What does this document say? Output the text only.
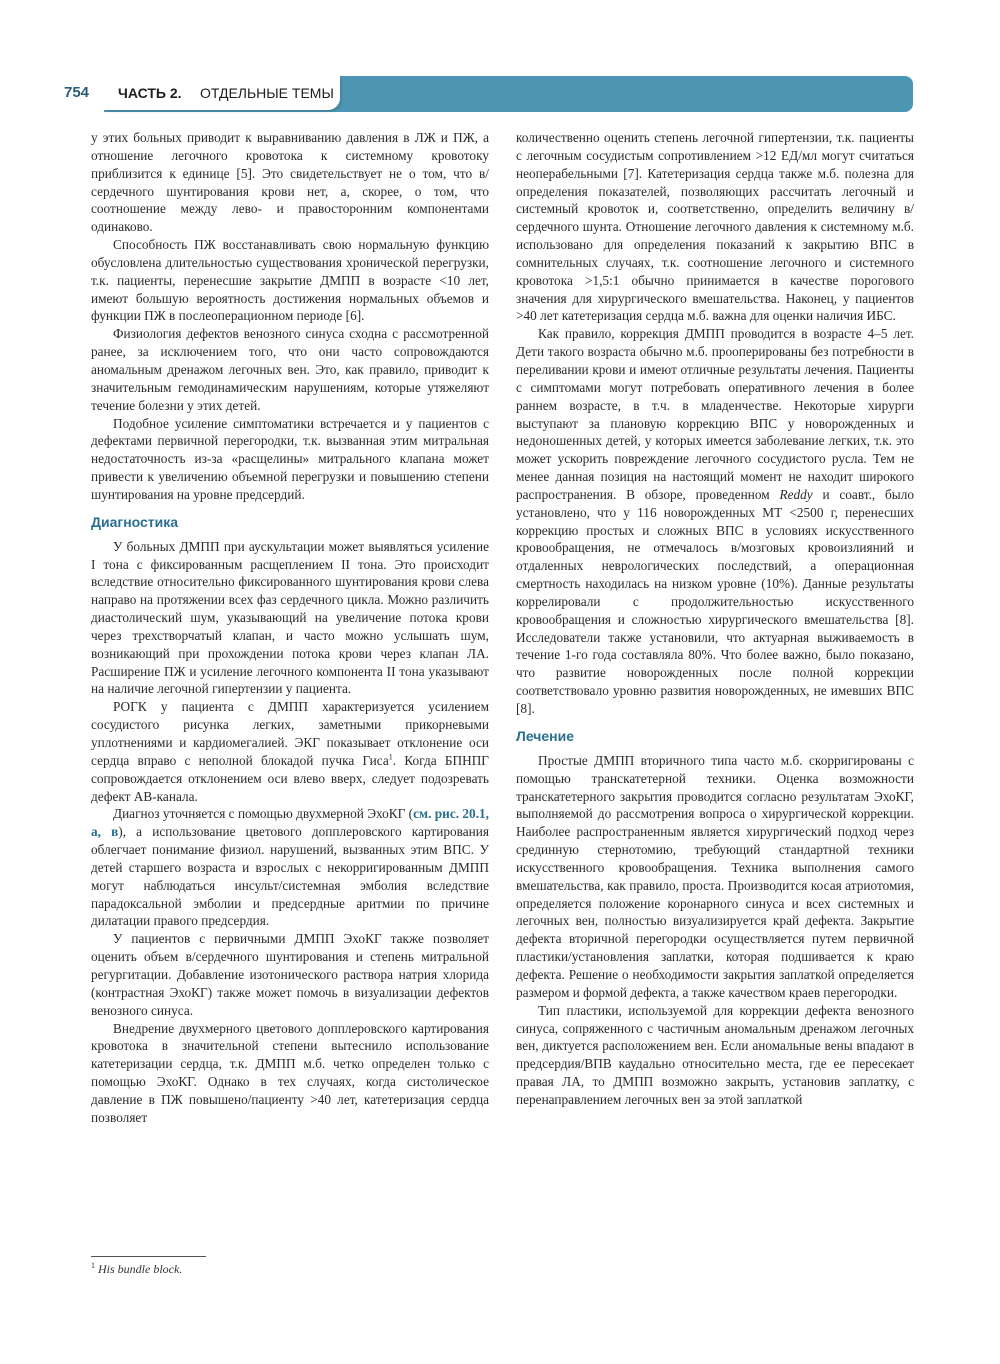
754 ЧАСТЬ 2. ОТДЕЛЬНЫЕ ТЕМЫ

у этих больных приводит к выравниванию давления в ЛЖ и ПЖ, а отношение легочного кровотока к системному кровотоку приблизится к единице [5]. Это свидетельствует не о том, что в/сердечного шунтирования крови нет, а, скорее, о том, что соотношение между лево- и правосторонним компонентами одинаково.

Способность ПЖ восстанавливать свою нормальную функцию обусловлена длительностью существования хронической перегрузки, т.к. пациенты, перенесшие закрытие ДМПП в возрасте <10 лет, имеют большую вероятность достижения нормальных объемов и функции ПЖ в послеоперационном периоде [6].

Физиология дефектов венозного синуса сходна с рассмотренной ранее, за исключением того, что они часто сопровождаются аномальным дренажом легочных вен. Это, как правило, приводит к значительным гемодинамическим нарушениям, которые утяжеляют течение болезни у этих детей.

Подобное усиление симптоматики встречается и у пациентов с дефектами первичной перегородки, т.к. вызванная этим митральная недостаточность из-за «расщелины» митрального клапана может привести к увеличению объемной перегрузки и повышению степени шунтирования на уровне предсердий.

Диагностика

У больных ДМПП при аускультации может выявляться усиление I тона с фиксированным расщеплением II тона. Это происходит вследствие относительно фиксированного шунтирования крови слева направо на протяжении всех фаз сердечного цикла. Можно различить диастолический шум, указывающий на увеличение потока крови через трехстворчатый клапан, и часто можно услышать шум, возникающий при прохождении потока крови через клапан ЛА. Расширение ПЖ и усиление легочного компонента II тона указывают на наличие легочной гипертензии у пациента.

РОГК у пациента с ДМПП характеризуется усилением сосудистого рисунка легких, заметными прикорневыми уплотнениями и кардиомегалией. ЭКГ показывает отклонение оси сердца вправо с неполной блокадой пучка Гиса$^1$. Когда БПНПГ сопровождается отклонением оси влево вверх, следует подозревать дефект АВ-канала.

Диагноз уточняется с помощью двухмерной ЭхоКГ (см. рис. 20.1, а, в), а использование цветового допплеровского картирования облегчает понимание физиол. нарушений, вызванных этим ВПС. У детей старшего возраста и взрослых с некорригированным ДМПП могут наблюдаться инсульт/системная эмболия вследствие парадоксальной эмболии и предсердные аритмии по причине дилатации правого предсердия.

У пациентов с первичными ДМПП ЭхоКГ также позволяет оценить объем в/сердечного шунтирования и степень митральной регургитации. Добавление изотонического раствора натрия хлорида (контрастная ЭхоКГ) также может помочь в визуализации дефектов венозного синуса.

Внедрение двухмерного цветового допплеровского картирования кровотока в значительной степени вытеснило использование катетеризации сердца, т.к. ДМПП м.б. четко определен только с помощью ЭхоКГ. Однако в тех случаях, когда систолическое давление в ПЖ повышено/пациенту >40 лет, катетеризация сердца позволяет

количественно оценить степень легочной гипертензии, т.к. пациенты с легочным сосудистым сопротивлением >12 ЕД/мл могут считаться неоперабельными [7]. Катетеризация сердца также м.б. полезна для определения показателей, позволяющих рассчитать легочный и системный кровоток и, соответственно, определить величину в/сердечного шунта. Отношение легочного давления к системному м.б. использовано для определения показаний к закрытию ВПС в сомнительных случаях, т.к. соотношение легочного и системного кровотока >1,5:1 обычно принимается в качестве порогового значения для хирургического вмешательства. Наконец, у пациентов >40 лет катетеризация сердца м.б. важна для оценки наличия ИБС.

Как правило, коррекция ДМПП проводится в возрасте 4–5 лет. Дети такого возраста обычно м.б. прооперированы без потребности в переливании крови и имеют отличные результаты лечения. Пациенты с симптомами могут потребовать оперативного лечения в более раннем возрасте, в т.ч. в младенчестве. Некоторые хирурги выступают за плановую коррекцию ВПС у новорожденных и недоношенных детей, у которых имеется заболевание легких, т.к. это может ускорить повреждение легочного сосудистого русла. Тем не менее данная позиция на настоящий момент не находит широкого распространения. В обзоре, проведенном Reddy и соавт., было установлено, что у 116 новорожденных МТ <2500 г, перенесших коррекцию простых и сложных ВПС в условиях искусственного кровообращения, не отмечалось в/мозговых кровоизлияний и отдаленных неврологических последствий, а операционная смертность находилась на низком уровне (10%). Данные результаты коррелировали с продолжительностью искусственного кровообращения и сложностью хирургического вмешательства [8]. Исследователи также установили, что актуарная выживаемость в течение 1-го года составляла 80%. Что более важно, было показано, что развитие новорожденных после полной коррекции соответствовало уровню развития новорожденных, не имевших ВПС [8].

Лечение

Простые ДМПП вторичного типа часто м.б. скорригированы с помощью транскатетерной техники. Оценка возможности транскатетерного закрытия проводится согласно результатам ЭхоКГ, выполняемой до рассмотрения вопроса о хирургической коррекции. Наиболее распространенным является хирургический подход через срединную стернотомию, требующий стандартной техники искусственного кровообращения. Техника выполнения самого вмешательства, как правило, проста. Производится косая атриотомия, определяется положение коронарного синуса и всех системных и легочных вен, полностью визуализируется край дефекта. Закрытие дефекта вторичной перегородки осуществляется путем первичной пластики/установления заплатки, которая подшивается к краю дефекта. Решение о необходимости закрытия заплаткой определяется размером и формой дефекта, а также качеством краев перегородки.

Тип пластики, используемой для коррекции дефекта венозного синуса, сопряженного с частичным аномальным дренажом легочных вен, диктуется расположением вен. Если аномальные вены впадают в предсердия/ВПВ каудально относительно места, где ее пересекает правая ЛА, то ДМПП возможно закрыть, установив заплатку, с перенаправлением легочных вен за этой заплаткой

$^1$ His bundle block.
